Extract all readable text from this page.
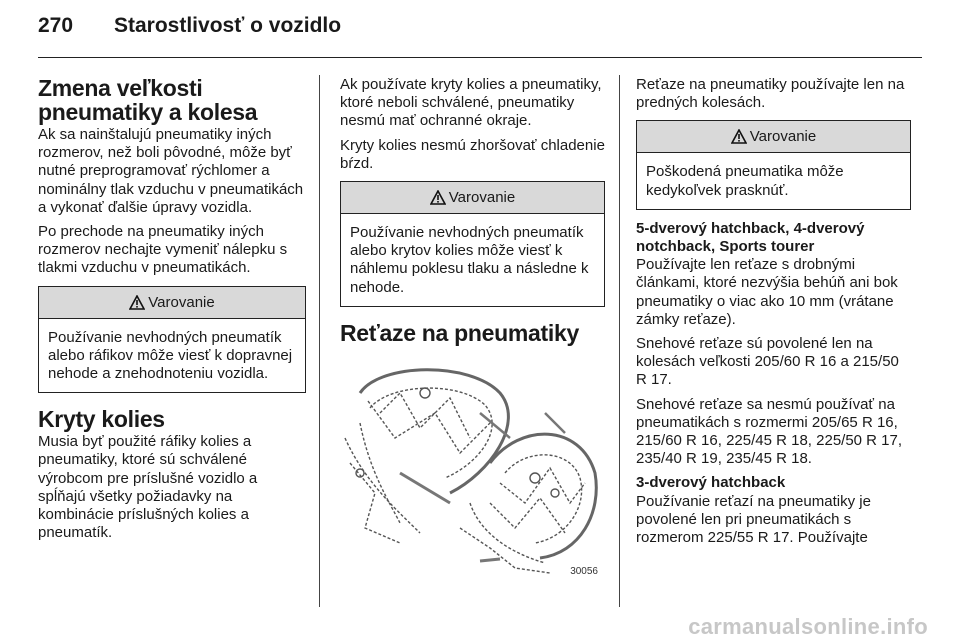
270	Starostlivosť o vozidlo
Zmena veľkosti pneumatiky a kolesa

Ak sa nainštalujú pneumatiky iných rozmerov, než boli pôvodné, môže byť nutné preprogramovať rýchlomer a nominálny tlak vzduchu v pneumatikách a vykonať ďalšie úpravy vozidla.

Po prechode na pneumatiky iných rozmerov nechajte vymeniť nálepku s tlakmi vzduchu v pneumatikách.

Varovanie
Používanie nevhodných pneumatík alebo ráfikov môže viesť k dopravnej nehode a znehodnoteniu vozidla.
Kryty kolies

Musia byť použité ráfiky kolies a pneumatiky, ktoré sú schválené výrobcom pre príslušné vozidlo a spĺňajú všetky požiadavky na kombinácie príslušných kolies a pneumatík.

Ak používate kryty kolies a pneumatiky, ktoré neboli schválené, pneumatiky nesmú mať ochranné okraje.

Kryty kolies nesmú zhoršovať chladenie bŕzd.

Varovanie
Používanie nevhodných pneumatík alebo krytov kolies môže viesť k náhlemu poklesu tlaku a následne k nehode.
Reťaze na pneumatiky
30056

Reťaze na pneumatiky používajte len na predných kolesách.

Varovanie
Poškodená pneumatika môže kedykoľvek prasknúť.

5-dverový hatchback, 4-dverový notchback, Sports tourer

Používajte len reťaze s drobnými článkami, ktoré nezvýšia behúň ani bok pneumatiky o viac ako 10 mm (vrátane zámky reťaze).

Snehové reťaze sú povolené len na kolesách veľkosti 205/60 R 16 a 215/50 R 17.

Snehové reťaze sa nesmú používať na pneumatikách s rozmermi 205/65 R 16, 215/60 R 16, 225/45 R 18, 225/50 R 17, 235/40 R 19, 235/45 R 18.

3-dverový hatchback

Používanie reťazí na pneumatiky je povolené len pri pneumatikách s rozmerom 225/55 R 17. Používajte

carmanualsonline.info
